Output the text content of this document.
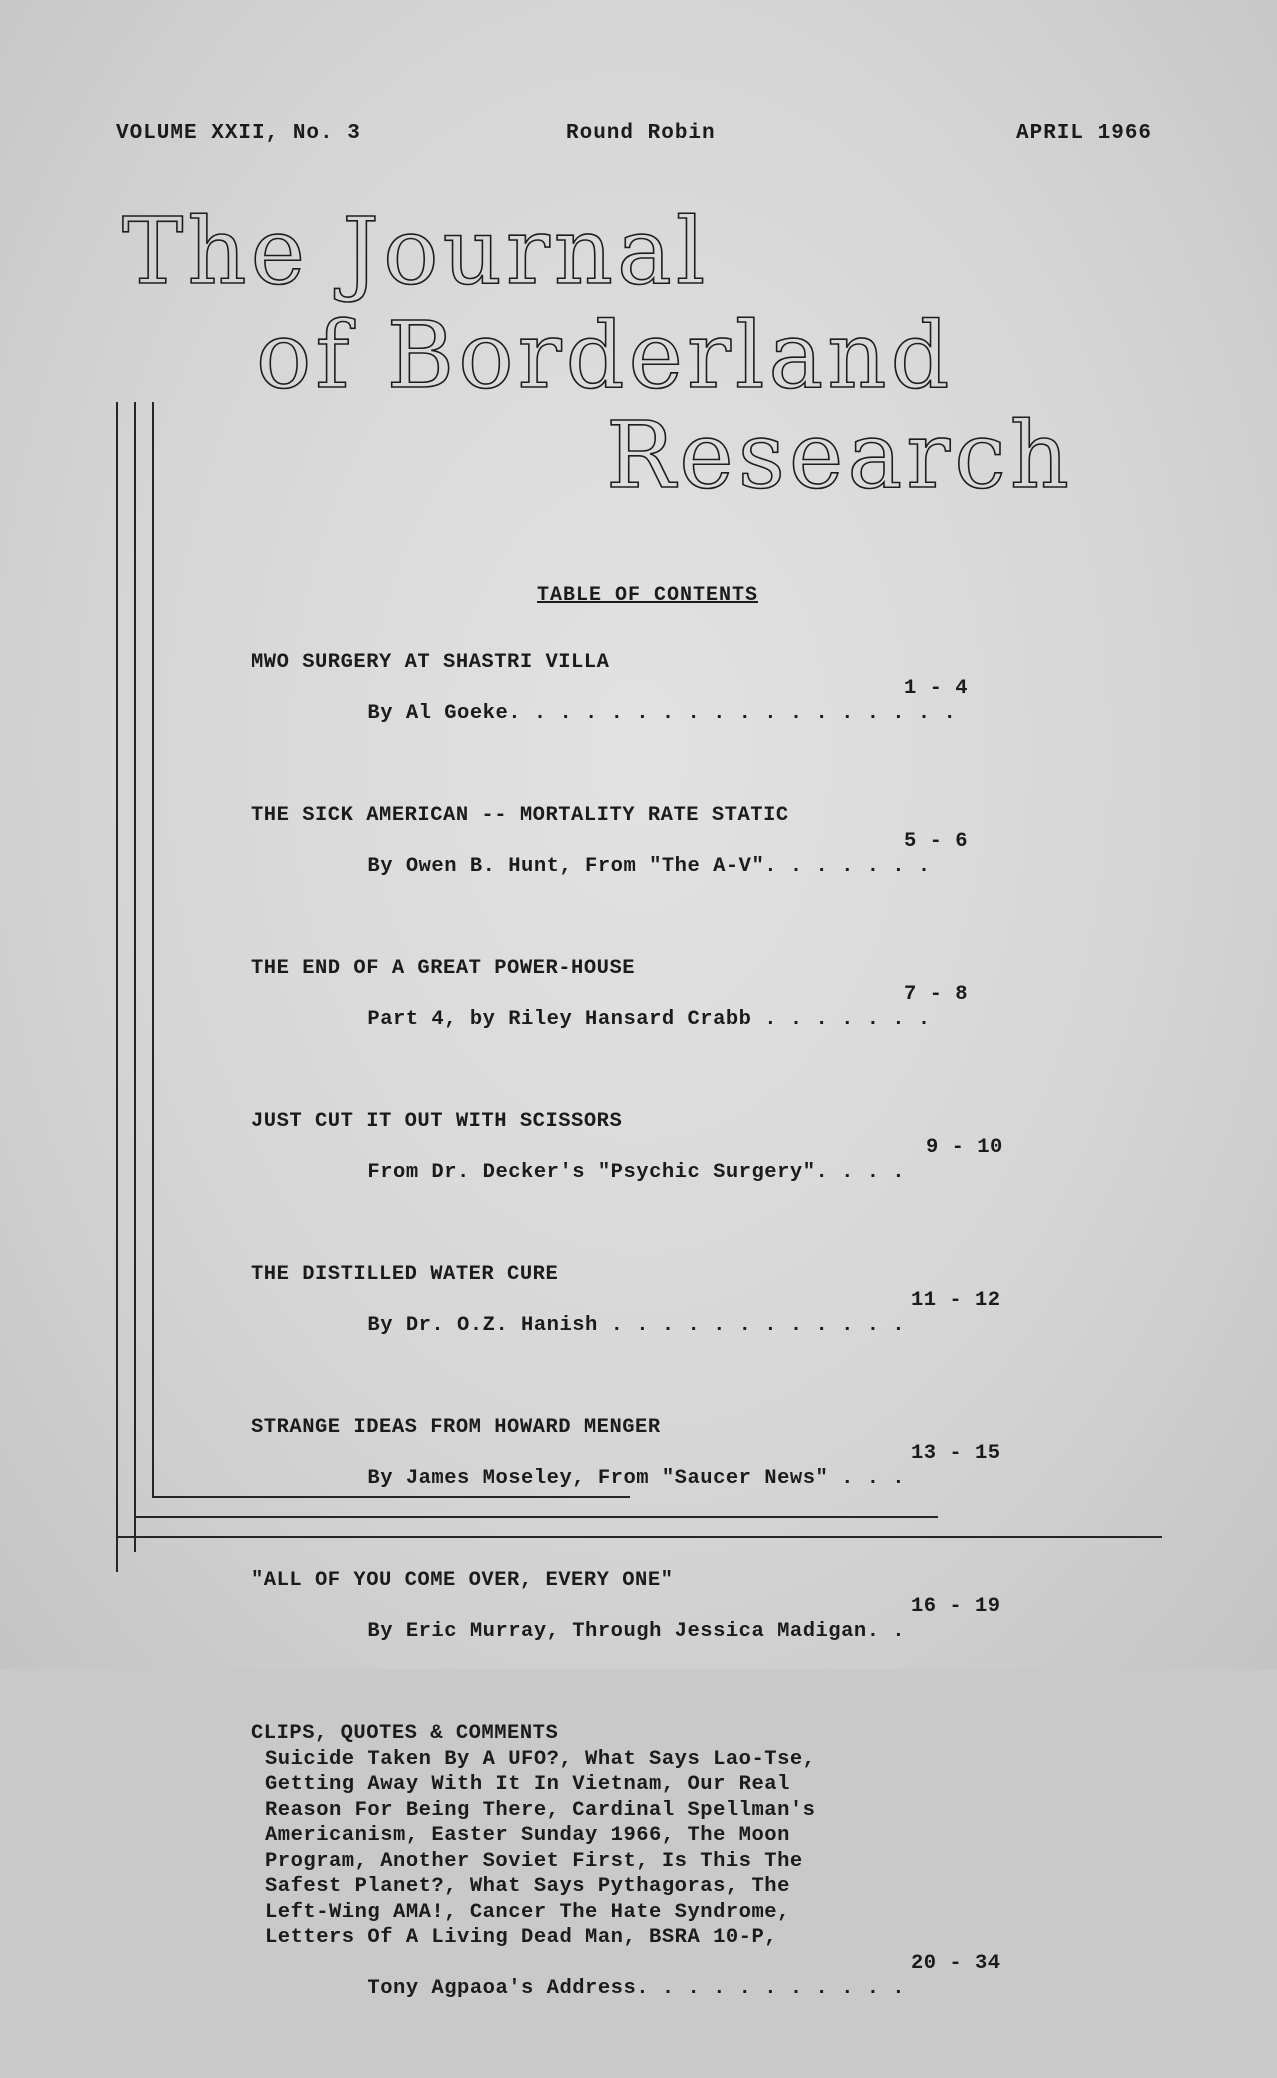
VOLUME XXII, No. 3	Round Robin	APRIL 1966
The Journal
of Borderland
Research
TABLE OF CONTENTS
MWO SURGERY AT SHASTRI VILLA

By Al Goeke. . . . . . . . . . . . . . . . . .

1 - 4

THE SICK AMERICAN -- MORTALITY RATE STATIC

By Owen B. Hunt, From "The A-V". . . . . . .

5 - 6

THE END OF A GREAT POWER-HOUSE

Part 4, by Riley Hansard Crabb . . . . . . .

7 - 8

JUST CUT IT OUT WITH SCISSORS

From Dr. Decker's "Psychic Surgery". . . .

9 - 10

THE DISTILLED WATER CURE

By Dr. O.Z. Hanish . . . . . . . . . . . .

11 - 12

STRANGE IDEAS FROM HOWARD MENGER

By James Moseley, From "Saucer News" . . .

13 - 15

"ALL OF YOU COME OVER, EVERY ONE"

By Eric Murray, Through Jessica Madigan. .

16 - 19

CLIPS, QUOTES & COMMENTS
Suicide Taken By A UFO?, What Says Lao-Tse,
Getting Away With It In Vietnam, Our Real
Reason For Being There, Cardinal Spellman's
Americanism, Easter Sunday 1966, The Moon
Program, Another Soviet First, Is This The
Safest Planet?, What Says Pythagoras, The
Left-Wing AMA!, Cancer The Hate Syndrome,
Letters Of A Living Dead Man, BSRA 10-P,

Tony Agpaoa's Address. . . . . . . . . . .

20 - 34
